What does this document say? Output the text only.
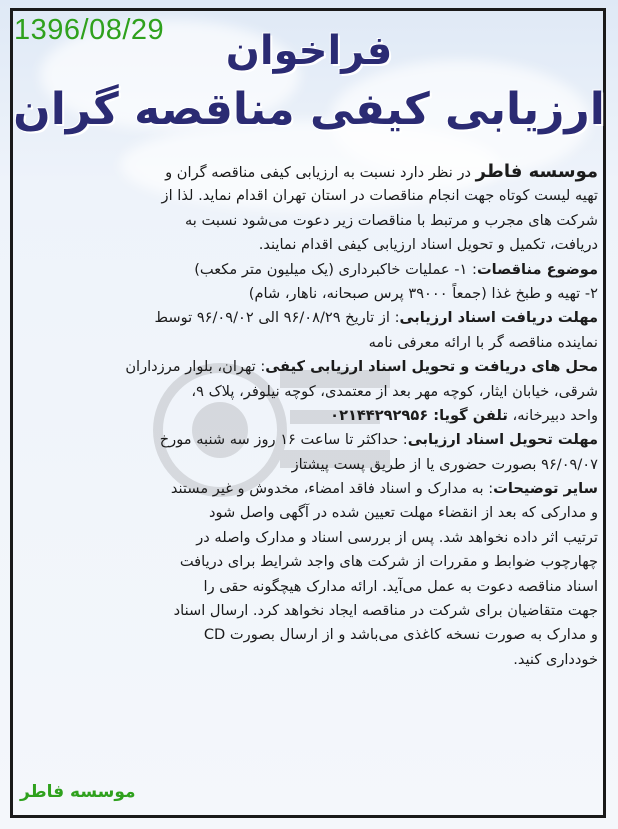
1396/08/29	فراخوان
ارزیابی کیفی مناقصه گران
موسسه فاطر در نظر دارد نسبت به ارزیابی کیفی مناقصه گران و
تهیه لیست کوتاه جهت انجام مناقصات در استان تهران اقدام نماید. لذا از
شرکت های مجرب و مرتبط با مناقصات زیر دعوت می‌شود نسبت به
دریافت، تکمیل و تحویل اسناد ارزیابی کیفی اقدام نمایند.
موضوع مناقصات: ۱- عملیات خاکبرداری (یک میلیون متر مکعب)
۲- تهیه و طبخ غذا (جمعاً ۳۹۰۰۰ پرس صبحانه، ناهار، شام)
مهلت دریافت اسناد ارزیابی: از تاریخ ۹۶/۰۸/۲۹ الی ۹۶/۰۹/۰۲ توسط
نماینده مناقصه گر با ارائه معرفی نامه
محل های دریافت و تحویل اسناد ارزیابی کیفی: تهران، بلوار مرزداران
شرقی، خیابان ایثار، کوچه مهر بعد از معتمدی، کوچه نیلوفر، پلاک ۹،
واحد دبیرخانه، تلفن گویا: ۰۲۱۴۴۲۹۲۹۵۶
مهلت تحویل اسناد ارزیابی: حداکثر تا ساعت ۱۶ روز سه شنبه مورخ
۹۶/۰۹/۰۷ بصورت حضوری یا از طریق پست پیشتاز
سایر توضیحات: به مدارک و اسناد فاقد امضاء، مخدوش و غیر مستند
و مدارکی که بعد از انقضاء مهلت تعیین شده در آگهی واصل شود
ترتیب اثر داده نخواهد شد. پس از بررسی اسناد و مدارک واصله در
چهارچوب ضوابط و مقررات از شرکت های واجد شرایط برای دریافت
اسناد مناقصه دعوت به عمل می‌آید. ارائه مدارک هیچگونه حقی را
جهت متقاضیان برای شرکت در مناقصه ایجاد نخواهد کرد. ارسال اسناد
و مدارک به صورت نسخه کاغذی می‌باشد و از ارسال بصورت CD
خودداری کنید.
موسسه فاطر
